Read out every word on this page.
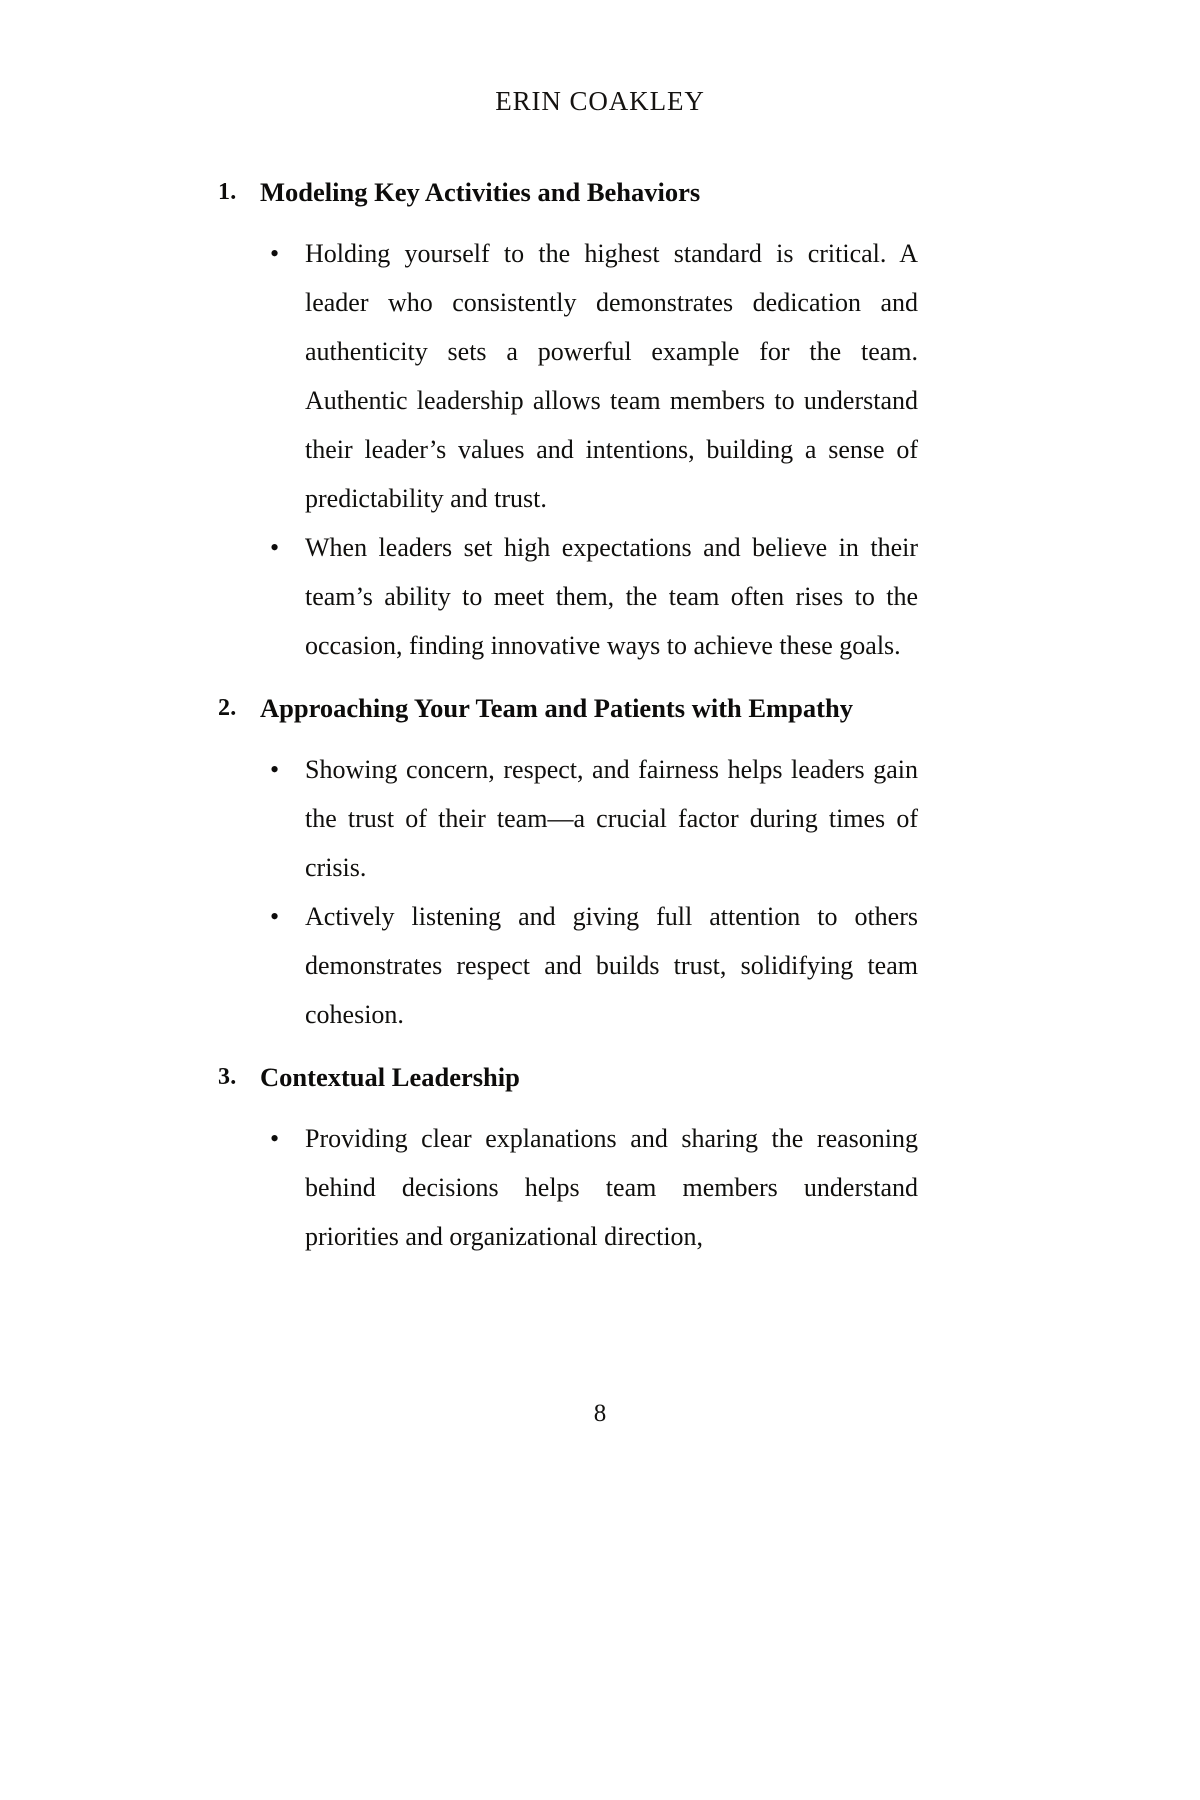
ERIN COAKLEY
1. Modeling Key Activities and Behaviors
• Holding yourself to the highest standard is critical. A leader who consistently demonstrates dedication and authenticity sets a powerful example for the team. Authentic leadership allows team members to understand their leader’s values and intentions, building a sense of predictability and trust.
• When leaders set high expectations and believe in their team’s ability to meet them, the team often rises to the occasion, finding innovative ways to achieve these goals.
2. Approaching Your Team and Patients with Empathy
• Showing concern, respect, and fairness helps leaders gain the trust of their team—a crucial factor during times of crisis.
• Actively listening and giving full attention to others demonstrates respect and builds trust, solidifying team cohesion.
3. Contextual Leadership
• Providing clear explanations and sharing the reasoning behind decisions helps team members understand priorities and organizational direction,
8
